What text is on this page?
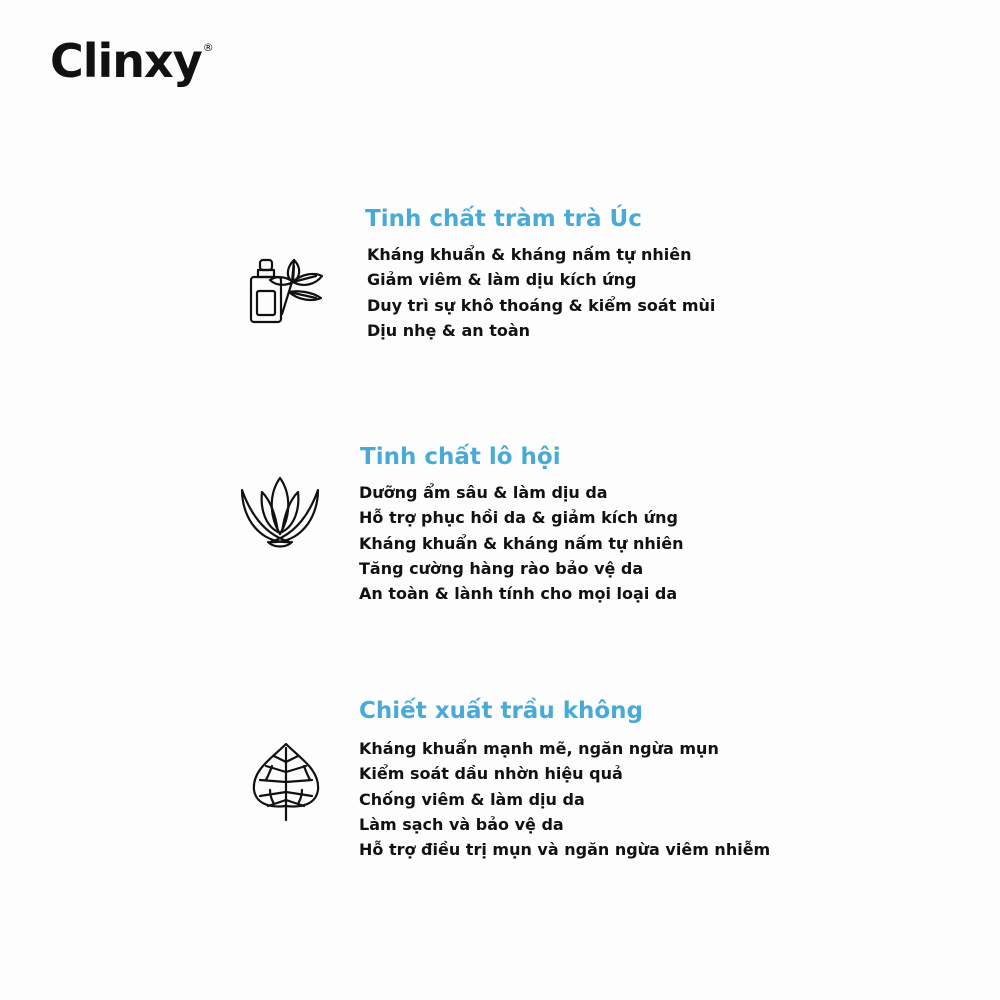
Clinxy ®
Tinh chất tràm trà Úc
Kháng khuẩn & kháng nấm tự nhiên
Giảm viêm & làm dịu kích ứng
Duy trì sự khô thoáng & kiểm soát mùi
Dịu nhẹ & an toàn
Tinh chất lô hội
Dưỡng ẩm sâu & làm dịu da
Hỗ trợ phục hồi da & giảm kích ứng
Kháng khuẩn & kháng nấm tự nhiên
Tăng cường hàng rào bảo vệ da
An toàn & lành tính cho mọi loại da
Chiết xuất trầu không
Kháng khuẩn mạnh mẽ, ngăn ngừa mụn
Kiểm soát dầu nhờn hiệu quả
Chống viêm & làm dịu da
Làm sạch và bảo vệ da
Hỗ trợ điều trị mụn và ngăn ngừa viêm nhiễm
